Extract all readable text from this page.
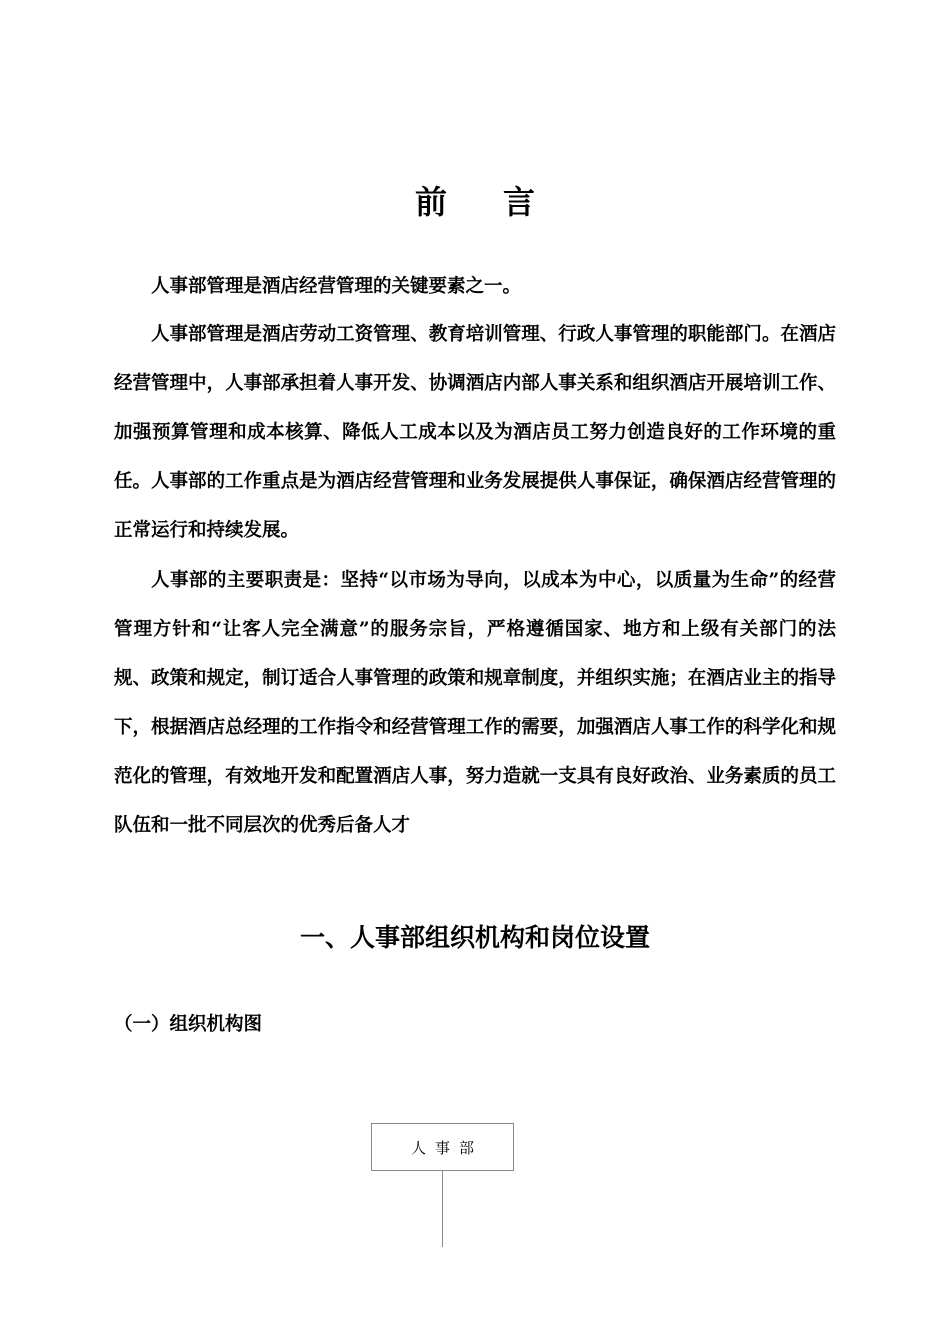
前言

人事部管理是酒店经营管理的关键要素之一。

人事部管理是酒店劳动工资管理、教育培训管理、行政人事管理的职能部门。在酒店经营管理中，人事部承担着人事开发、协调酒店内部人事关系和组织酒店开展培训工作、加强预算管理和成本核算、降低人工成本以及为酒店员工努力创造良好的工作环境的重任。人事部的工作重点是为酒店经营管理和业务发展提供人事保证，确保酒店经营管理的正常运行和持续发展。

人事部的主要职责是：坚持“以市场为导向，以成本为中心，以质量为生命”的经营管理方针和“让客人完全满意”的服务宗旨，严格遵循国家、地方和上级有关部门的法规、政策和规定，制订适合人事管理的政策和规章制度，并组织实施；在酒店业主的指导下，根据酒店总经理的工作指令和经营管理工作的需要，加强酒店人事工作的科学化和规范化的管理，有效地开发和配置酒店人事，努力造就一支具有良好政治、业务素质的员工队伍和一批不同层次的优秀后备人才

一、人事部组织机构和岗位设置
（一）组织机构图
人事部
